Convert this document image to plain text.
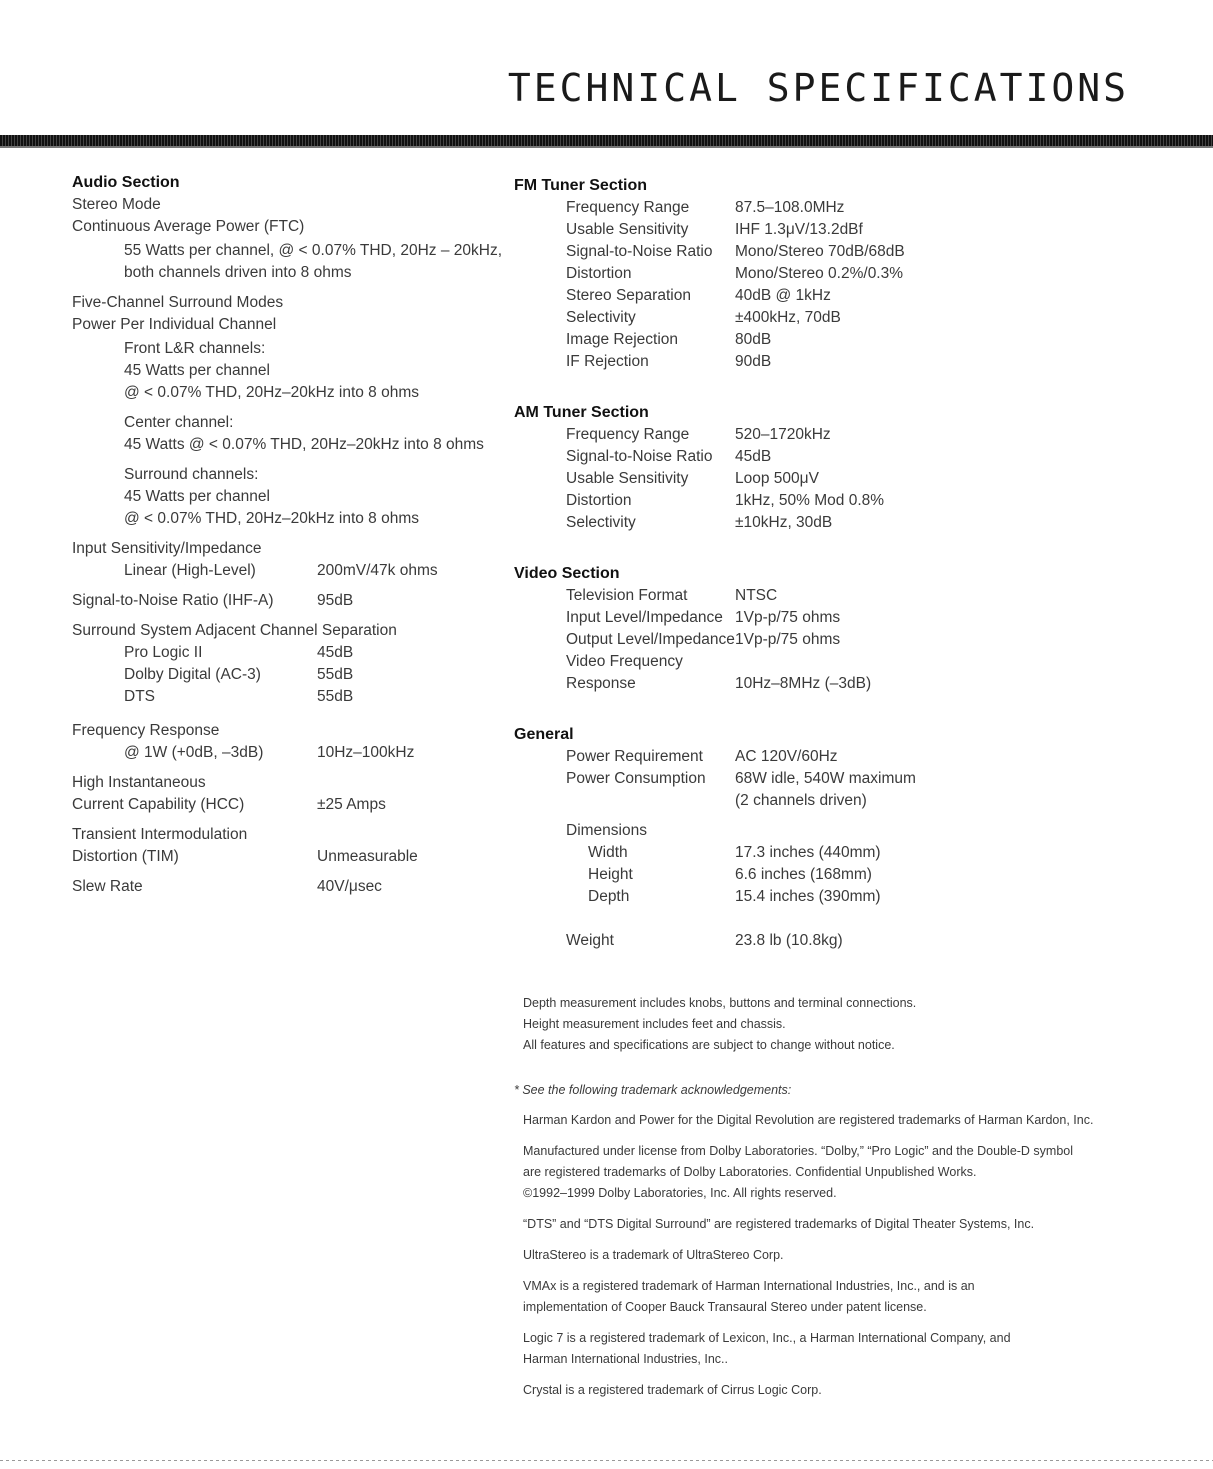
TECHNICAL SPECIFICATIONS

Audio Section

Stereo Mode

Continuous Average Power (FTC)

55 Watts per channel, @ < 0.07% THD, 20Hz – 20kHz,

both channels driven into 8 ohms

Five-Channel Surround Modes

Power Per Individual Channel

Front L&R channels:

45 Watts per channel

@ < 0.07% THD, 20Hz–20kHz into 8 ohms

Center channel:

45 Watts @ < 0.07% THD, 20Hz–20kHz into 8 ohms

Surround channels:

45 Watts per channel

@ < 0.07% THD, 20Hz–20kHz into 8 ohms

Input Sensitivity/Impedance

Linear (High-Level)	200mV/47k ohms
Signal-to-Noise Ratio (IHF-A)	95dB

Surround System Adjacent Channel Separation

Pro Logic II	45dB
Dolby Digital (AC-3)	55dB
DTS	55dB

Frequency Response

@ 1W (+0dB, –3dB)	10Hz–100kHz

High Instantaneous

Current Capability (HCC)	±25 Amps

Transient Intermodulation

Distortion (TIM)	Unmeasurable
Slew Rate	40V/μsec

FM Tuner Section

Frequency Range	87.5–108.0MHz
Usable Sensitivity	IHF 1.3μV/13.2dBf
Signal-to-Noise Ratio	Mono/Stereo 70dB/68dB
Distortion	Mono/Stereo 0.2%/0.3%
Stereo Separation	40dB @ 1kHz
Selectivity	±400kHz, 70dB
Image Rejection	80dB
IF Rejection	90dB

AM Tuner Section

Frequency Range	520–1720kHz
Signal-to-Noise Ratio	45dB
Usable Sensitivity	Loop 500μV
Distortion	1kHz, 50% Mod 0.8%
Selectivity	±10kHz, 30dB

Video Section

Television Format	NTSC
Input Level/Impedance 1Vp-p/75 ohms
Output Level/Impedance 1Vp-p/75 ohms

Video Frequency

Response	10Hz–8MHz (–3dB)

General

Power Requirement	AC 120V/60Hz
Power Consumption	68W idle, 540W maximum
(2 channels driven)

Dimensions

Width	17.3 inches (440mm)
Height	6.6 inches (168mm)
Depth	15.4 inches (390mm)
Weight	23.8 lb (10.8kg)

Depth measurement includes knobs, buttons and terminal connections.

Height measurement includes feet and chassis.

All features and specifications are subject to change without notice.

* See the following trademark acknowledgements:

Harman Kardon and Power for the Digital Revolution are registered trademarks of Harman Kardon, Inc.

Manufactured under license from Dolby Laboratories. “Dolby,” “Pro Logic” and the Double-D symbol

are registered trademarks of Dolby Laboratories. Confidential Unpublished Works.

©1992–1999 Dolby Laboratories, Inc. All rights reserved.

“DTS” and “DTS Digital Surround” are registered trademarks of Digital Theater Systems, Inc.

UltraStereo is a trademark of UltraStereo Corp.

VMAx is a registered trademark of Harman International Industries, Inc., and is an

implementation of Cooper Bauck Transaural Stereo under patent license.

Logic 7 is a registered trademark of Lexicon, Inc., a Harman International Company, and

Harman International Industries, Inc..

Crystal is a registered trademark of Cirrus Logic Corp.
